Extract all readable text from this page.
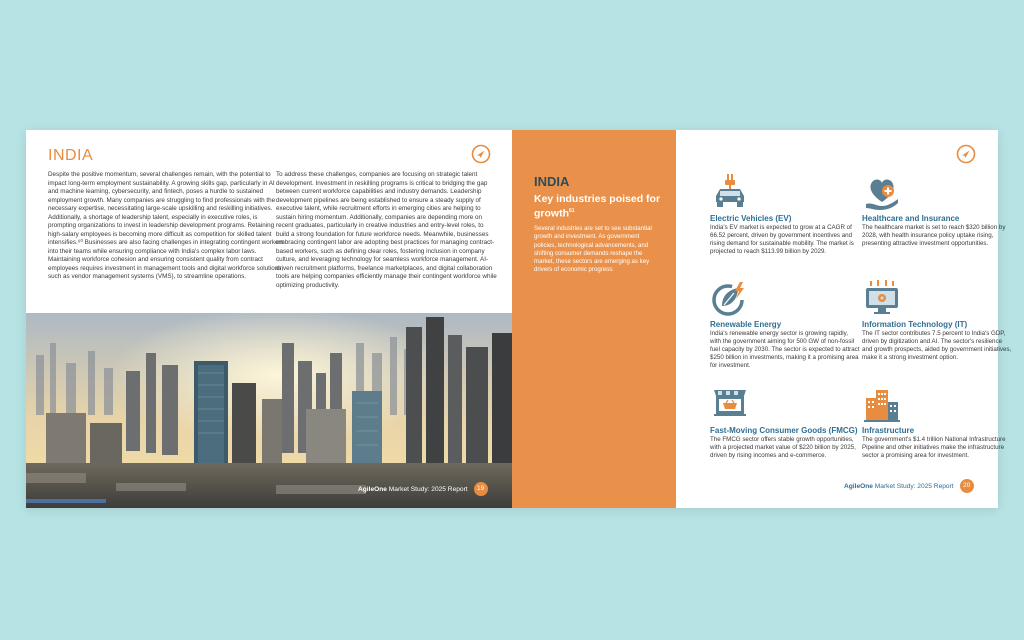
INDIA

Despite the positive momentum, several challenges remain, with the potential to impact long-term employment sustainability. A growing skills gap, particularly in AI and machine learning, cybersecurity, and fintech, poses a hurdle to sustained employment growth. Many companies are struggling to find professionals with the necessary expertise, necessitating large-scale upskilling and reskilling initiatives. Additionally, a shortage of leadership talent, especially in executive roles, is prompting organizations to invest in leadership development programs. Retaining high-salary employees is becoming more difficult as competition for skilled talent intensifies.⁶⁰ Businesses are also facing challenges in integrating contingent workers into their teams while ensuring compliance with India's complex labor laws. Maintaining workforce cohesion and ensuring consistent quality from contract employees requires investment in management tools and digital workforce solutions, such as vendor management systems (VMS), to streamline operations.

To address these challenges, companies are focusing on strategic talent development. Investment in reskilling programs is critical to bridging the gap between current workforce capabilities and industry demands. Leadership development pipelines are being established to ensure a steady supply of executive talent, while recruitment efforts in emerging cities are helping to sustain hiring momentum. Additionally, companies are depending more on recent graduates, particularly in creative industries and entry-level roles, to build a strong foundation for future workforce needs. Meanwhile, businesses embracing contingent labor are adopting best practices for managing contract-based workers, such as defining clear roles, fostering inclusion in company culture, and leveraging technology for seamless workforce management. AI-driven recruitment platforms, freelance marketplaces, and digital collaboration tools are helping companies efficiently manage their contingent workforce while optimizing productivity.

AgileOne Market Study: 2025 Report	19
INDIA
Key industries poised for growth$^{61}$
Several industries are set to see substantial growth and investment. As government policies, technological advancements, and shifting consumer demands reshape the market, these sectors are emerging as key drivers of economic progress:
Electric Vehicles (EV)

India's EV market is expected to grow at a CAGR of 66.52 percent, driven by government incentives and rising demand for sustainable mobility. The market is projected to reach $113.99 billion by 2029.

Healthcare and Insurance

The healthcare market is set to reach $320 billion by 2028, with health insurance policy uptake rising, presenting attractive investment opportunities.

Renewable Energy

India's renewable energy sector is growing rapidly, with the government aiming for 500 GW of non-fossil fuel capacity by 2030. The sector is expected to attract $250 billion in investments, making it a promising area for investment.

Information Technology (IT)

The IT sector contributes 7.5 percent to India's GDP, driven by digitization and AI. The sector's resilience and growth prospects, aided by government initiatives, make it a strong investment option.

Fast-Moving Consumer Goods (FMCG)

The FMCG sector offers stable growth opportunities, with a projected market value of $220 billion by 2025, driven by rising incomes and e-commerce.

Infrastructure

The government's $1.4 trillion National Infrastructure Pipeline and other initiatives make the infrastructure sector a promising area for investment.

AgileOne Market Study: 2025 Report	20
